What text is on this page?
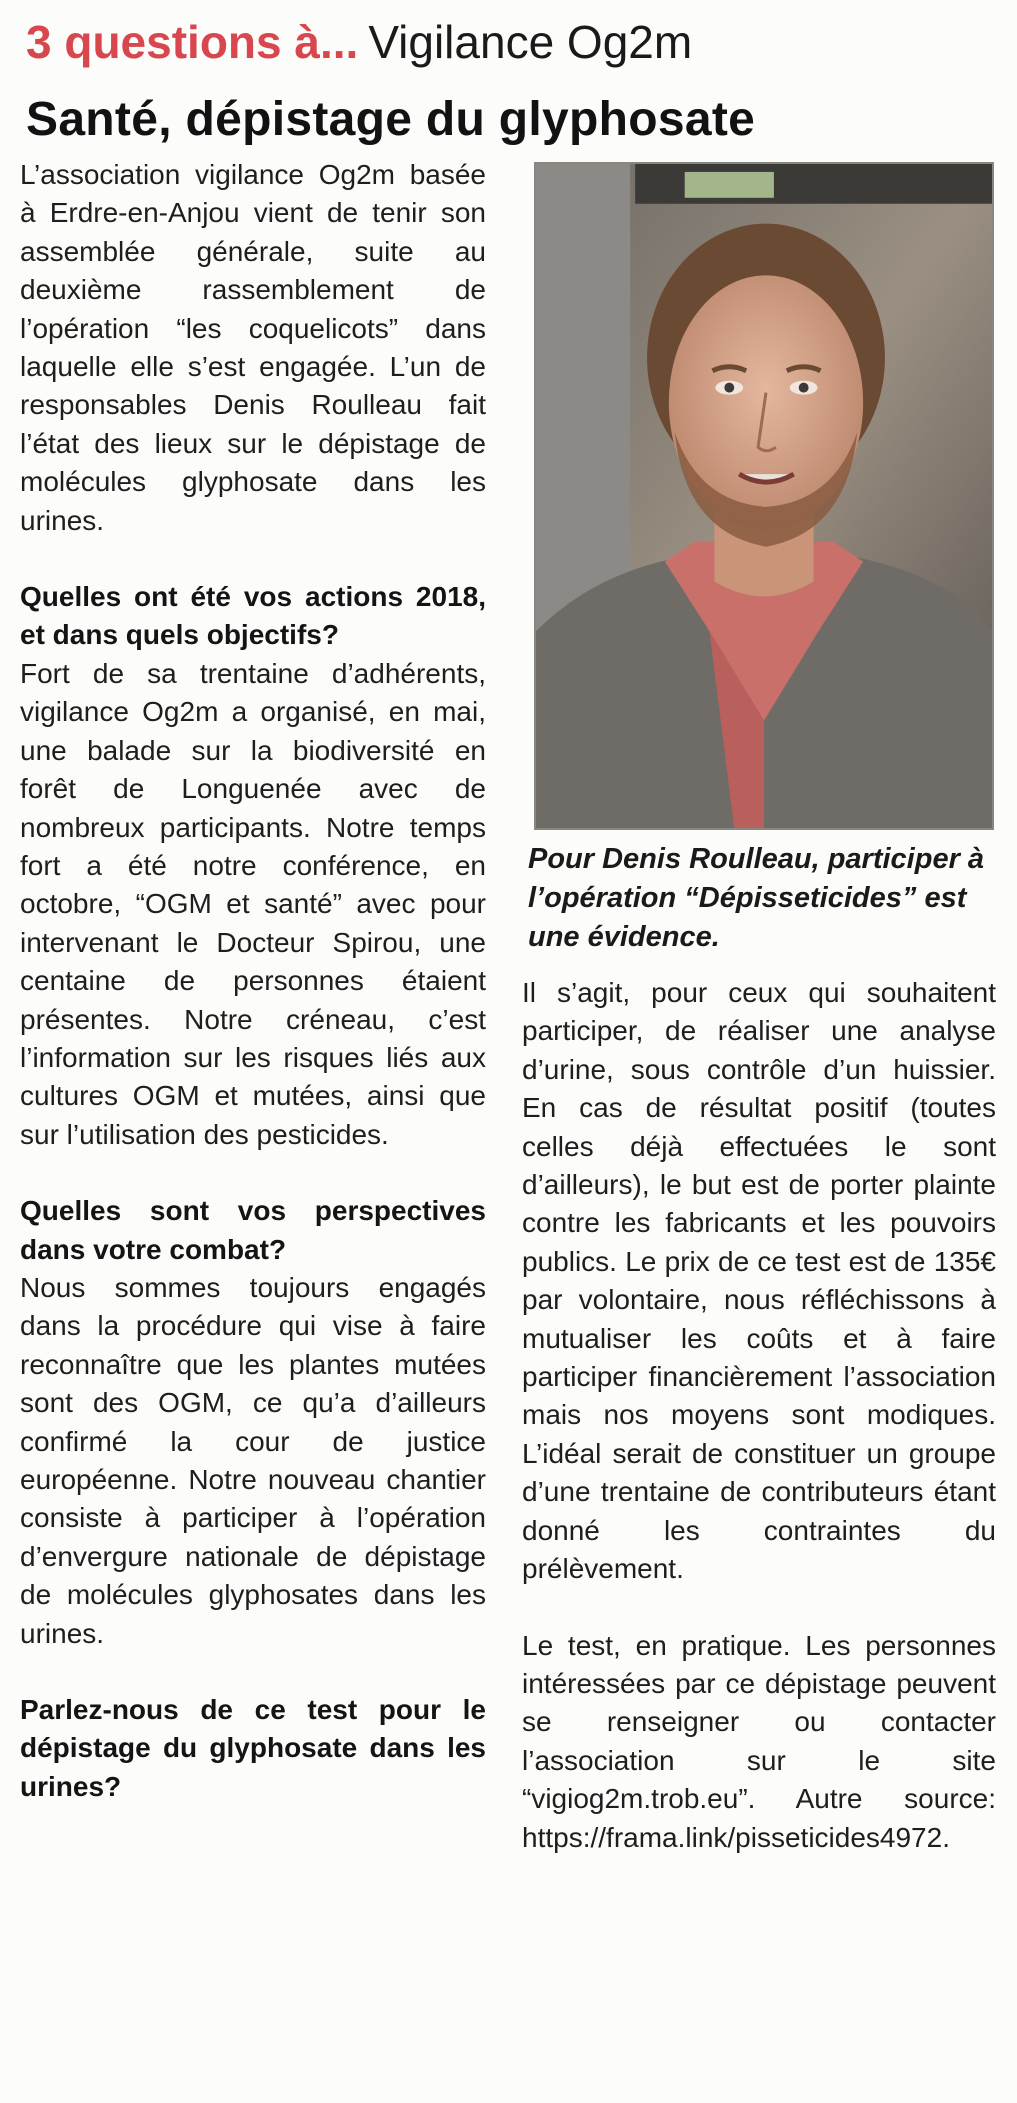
3 questions à... Vigilance Og2m
Santé, dépistage du glyphosate

L’association vigilance Og2m basée à Erdre-en-Anjou vient de tenir son assemblée générale, suite au deuxième rassemblement de l’opération “les coquelicots” dans laquelle elle s’est engagée. L’un de responsables Denis Roulleau fait l’état des lieux sur le dépistage de molécules glyphosate dans les urines.

Quelles ont été vos actions 2018, et dans quels objectifs?

Fort de sa trentaine d’adhérents, vigilance Og2m a organisé, en mai, une balade sur la biodiversité en forêt de Longuenée avec de nombreux participants. Notre temps fort a été notre conférence, en octobre, “OGM et santé” avec pour intervenant le Docteur Spirou, une centaine de personnes étaient présentes. Notre créneau, c’est l’information sur les risques liés aux cultures OGM et mutées, ainsi que sur l’utilisation des pesticides.

Quelles sont vos perspectives dans votre combat?

Nous sommes toujours engagés dans la procédure qui vise à faire reconnaître que les plantes mutées sont des OGM, ce qu’a d’ailleurs confirmé la cour de justice européenne. Notre nouveau chantier consiste à participer à l’opération d’envergure nationale de dépistage de molécules glyphosates dans les urines.

Parlez-nous de ce test pour le dépistage du glyphosate dans les urines?

Pour Denis Roulleau, participer à l’opération “Dépisseticides” est une évidence.

Il s’agit, pour ceux qui souhaitent participer, de réaliser une analyse d’urine, sous contrôle d’un huissier. En cas de résultat positif (toutes celles déjà effectuées le sont d’ailleurs), le but est de porter plainte contre les fabricants et les pouvoirs publics. Le prix de ce test est de 135€ par volontaire, nous réfléchissons à mutualiser les coûts et à faire participer financièrement l’association mais nos moyens sont modiques. L’idéal serait de constituer un groupe d’une trentaine de contributeurs étant donné les contraintes du prélèvement.

Le test, en pratique. Les personnes intéressées par ce dépistage peuvent se renseigner ou contacter l’association sur le site “vigiog2m.trob.eu”. Autre source: https://frama.link/pisseticides4972.
